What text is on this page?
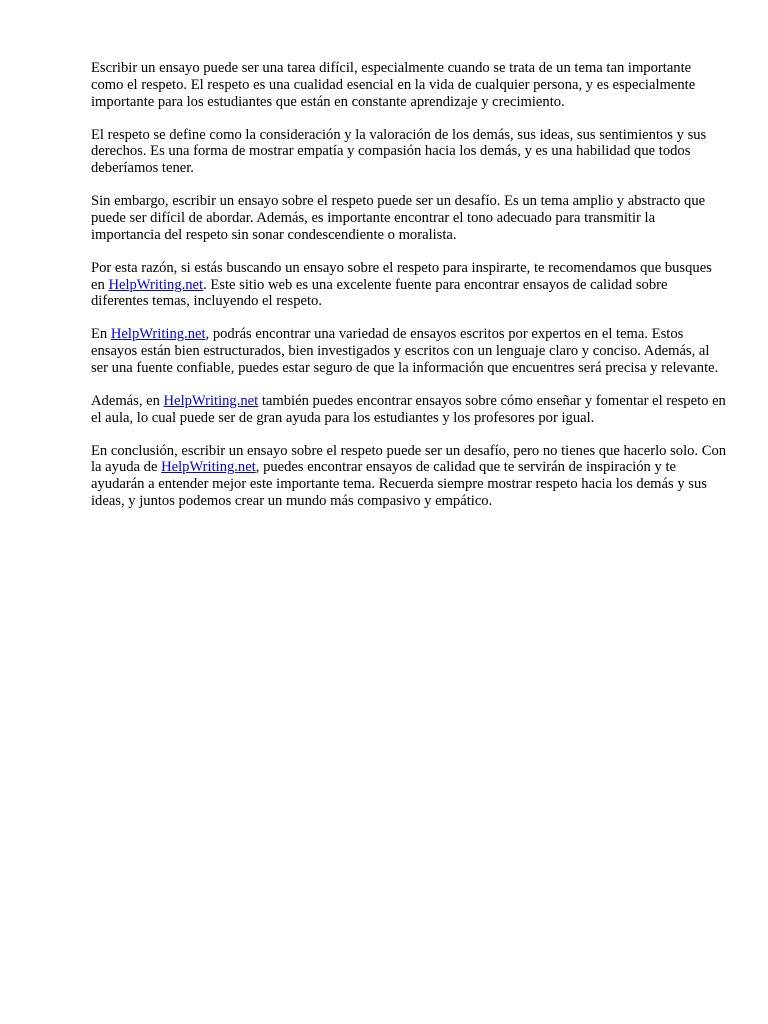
Escribir un ensayo puede ser una tarea difícil, especialmente cuando se trata de un tema tan importante como el respeto. El respeto es una cualidad esencial en la vida de cualquier persona, y es especialmente importante para los estudiantes que están en constante aprendizaje y crecimiento.

El respeto se define como la consideración y la valoración de los demás, sus ideas, sus sentimientos y sus derechos. Es una forma de mostrar empatía y compasión hacia los demás, y es una habilidad que todos deberíamos tener.

Sin embargo, escribir un ensayo sobre el respeto puede ser un desafío. Es un tema amplio y abstracto que puede ser difícil de abordar. Además, es importante encontrar el tono adecuado para transmitir la importancia del respeto sin sonar condescendiente o moralista.

Por esta razón, si estás buscando un ensayo sobre el respeto para inspirarte, te recomendamos que busques en HelpWriting.net. Este sitio web es una excelente fuente para encontrar ensayos de calidad sobre diferentes temas, incluyendo el respeto.

En HelpWriting.net, podrás encontrar una variedad de ensayos escritos por expertos en el tema. Estos ensayos están bien estructurados, bien investigados y escritos con un lenguaje claro y conciso. Además, al ser una fuente confiable, puedes estar seguro de que la información que encuentres será precisa y relevante.

Además, en HelpWriting.net también puedes encontrar ensayos sobre cómo enseñar y fomentar el respeto en el aula, lo cual puede ser de gran ayuda para los estudiantes y los profesores por igual.

En conclusión, escribir un ensayo sobre el respeto puede ser un desafío, pero no tienes que hacerlo solo. Con la ayuda de HelpWriting.net, puedes encontrar ensayos de calidad que te servirán de inspiración y te ayudarán a entender mejor este importante tema. Recuerda siempre mostrar respeto hacia los demás y sus ideas, y juntos podemos crear un mundo más compasivo y empático.
